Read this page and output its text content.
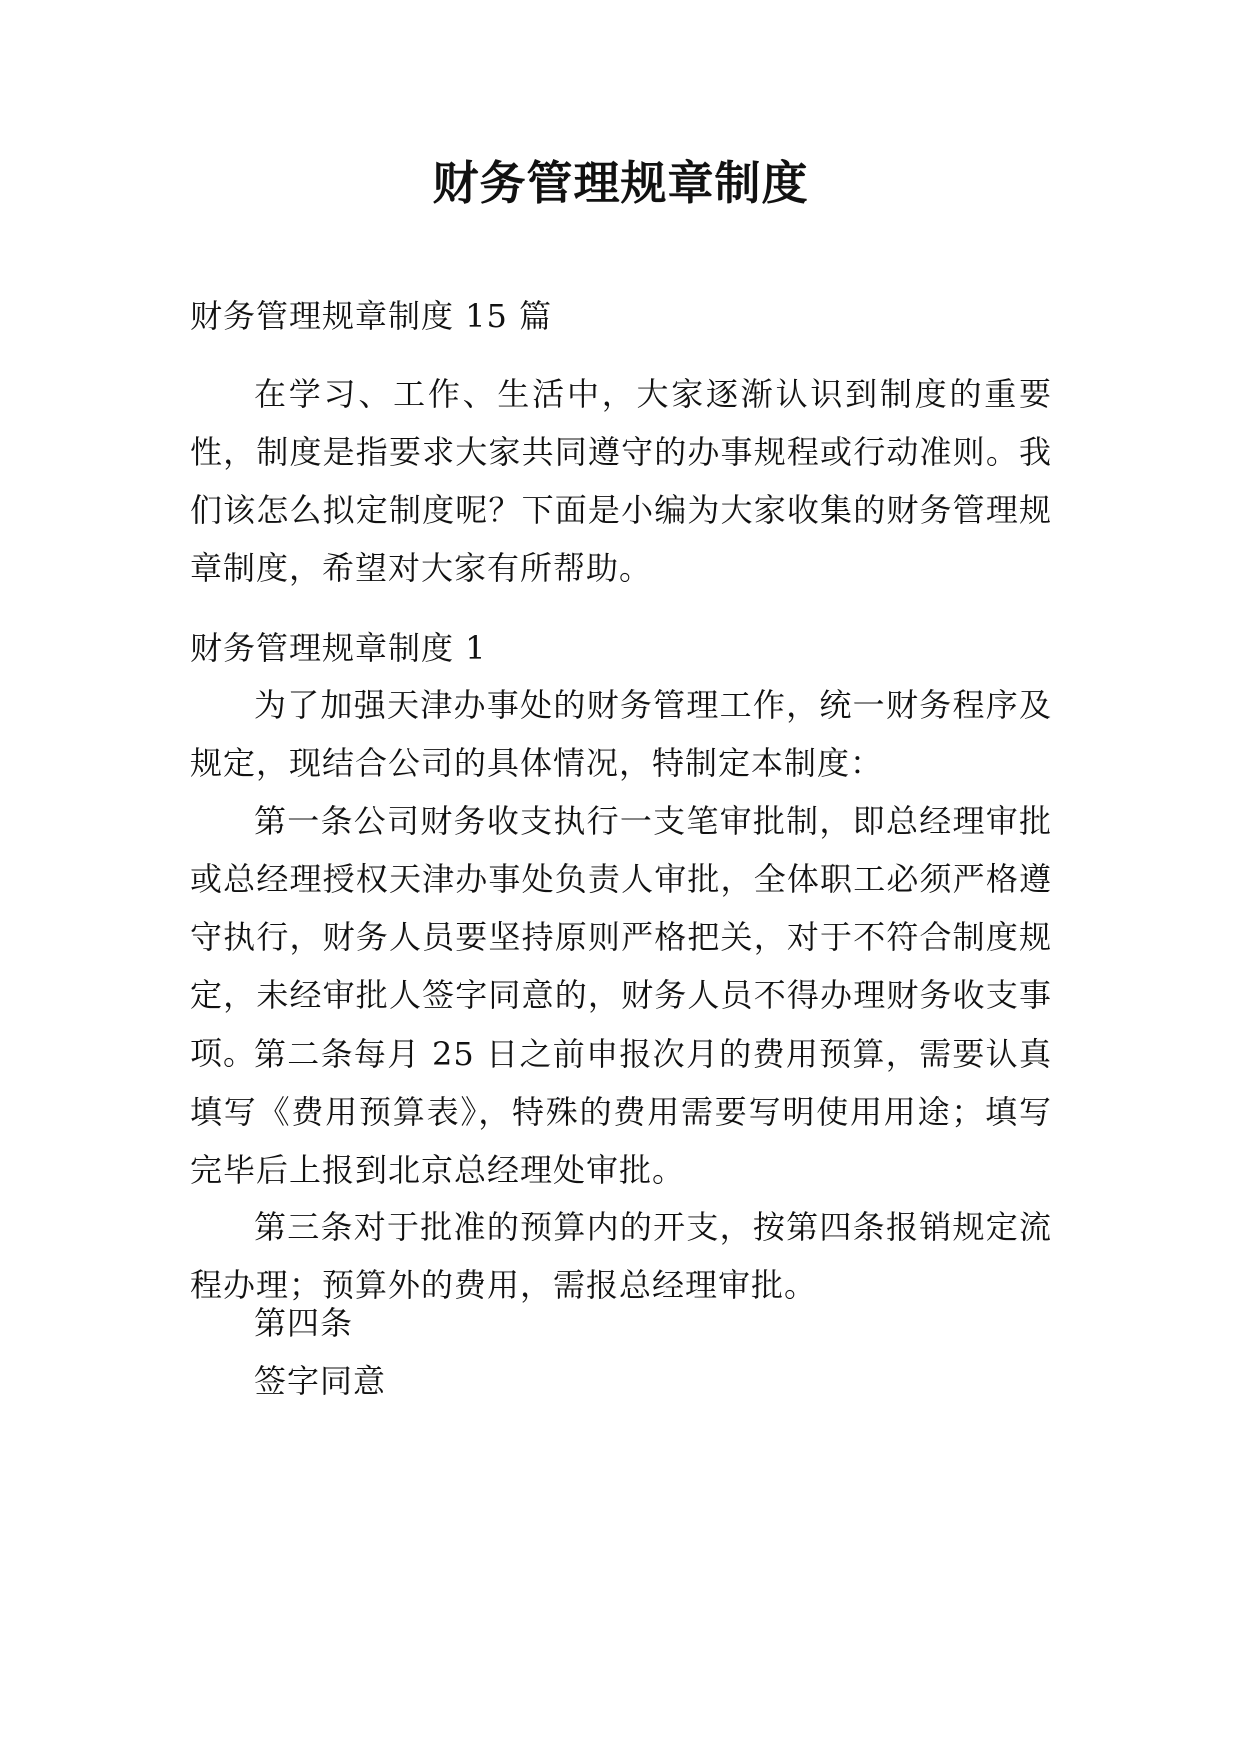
财务管理规章制度
财务管理规章制度 15 篇

在学习、工作、生活中，大家逐渐认识到制度的重要性，制度是指要求大家共同遵守的办事规程或行动准则。我们该怎么拟定制度呢？下面是小编为大家收集的财务管理规章制度，希望对大家有所帮助。

财务管理规章制度 1

为了加强天津办事处的财务管理工作，统一财务程序及规定，现结合公司的具体情况，特制定本制度：

第一条公司财务收支执行一支笔审批制，即总经理审批或总经理授权天津办事处负责人审批，全体职工必须严格遵守执行，财务人员要坚持原则严格把关，对于不符合制度规定，未经审批人签字同意的，财务人员不得办理财务收支事项。

第二条每月 25 日之前申报次月的费用预算，需要认真填写《费用预算表》，特殊的费用需要写明使用用途；填写完毕后上报到北京总经理处审批。

第三条对于批准的预算内的开支，按第四条报销规定流程办理；预算外的费用，需报总经理审批。

第四条
签字同意
